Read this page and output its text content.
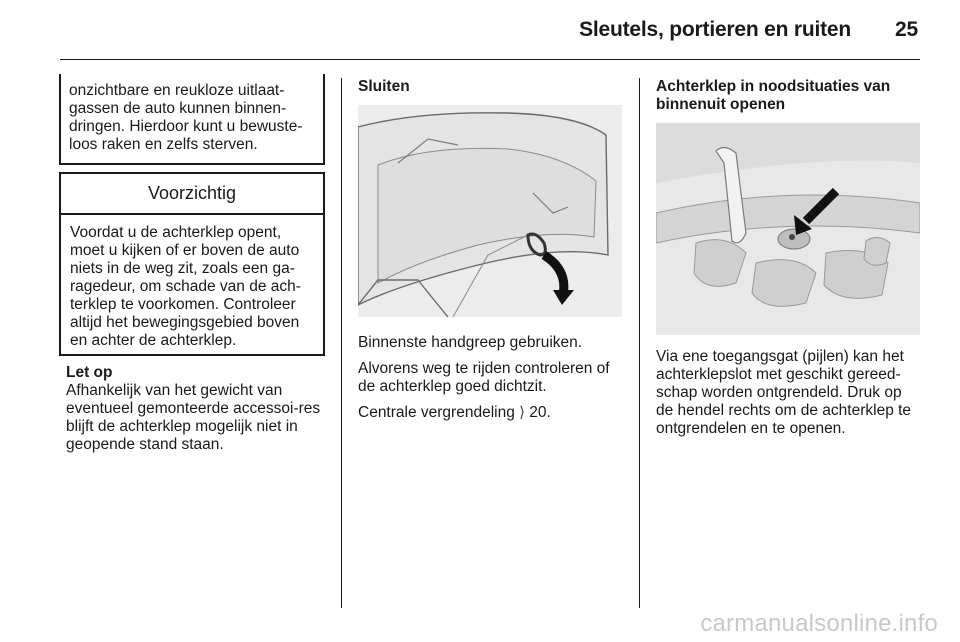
Sleutels, portieren en ruiten 25

onzichtbare en reukloze uitlaat-gassen de auto kunnen binnen-dringen. Hierdoor kunt u bewuste-loos raken en zelfs sterven.

Voorzichtig

Voordat u de achterklep opent, moet u kijken of er boven de auto niets in de weg zit, zoals een ga-ragedeur, om schade van de ach-terklep te voorkomen. Controleer altijd het bewegingsgebied boven en achter de achterklep.

Let op

Afhankelijk van het gewicht van eventueel gemonteerde accessoi-res blijft de achterklep mogelijk niet in geopende stand staan.

Sluiten

Binnenste handgreep gebruiken.

Alvorens weg te rijden controleren of de achterklep goed dichtzit.

Centrale vergrendeling ⟩ 20.

Achterklep in noodsituaties van binnenuit openen

Via ene toegangsgat (pijlen) kan het achterklepslot met geschikt gereed-schap worden ontgrendeld. Druk op de hendel rechts om de achterklep te ontgrendelen en te openen.

carmanualsonline.info
